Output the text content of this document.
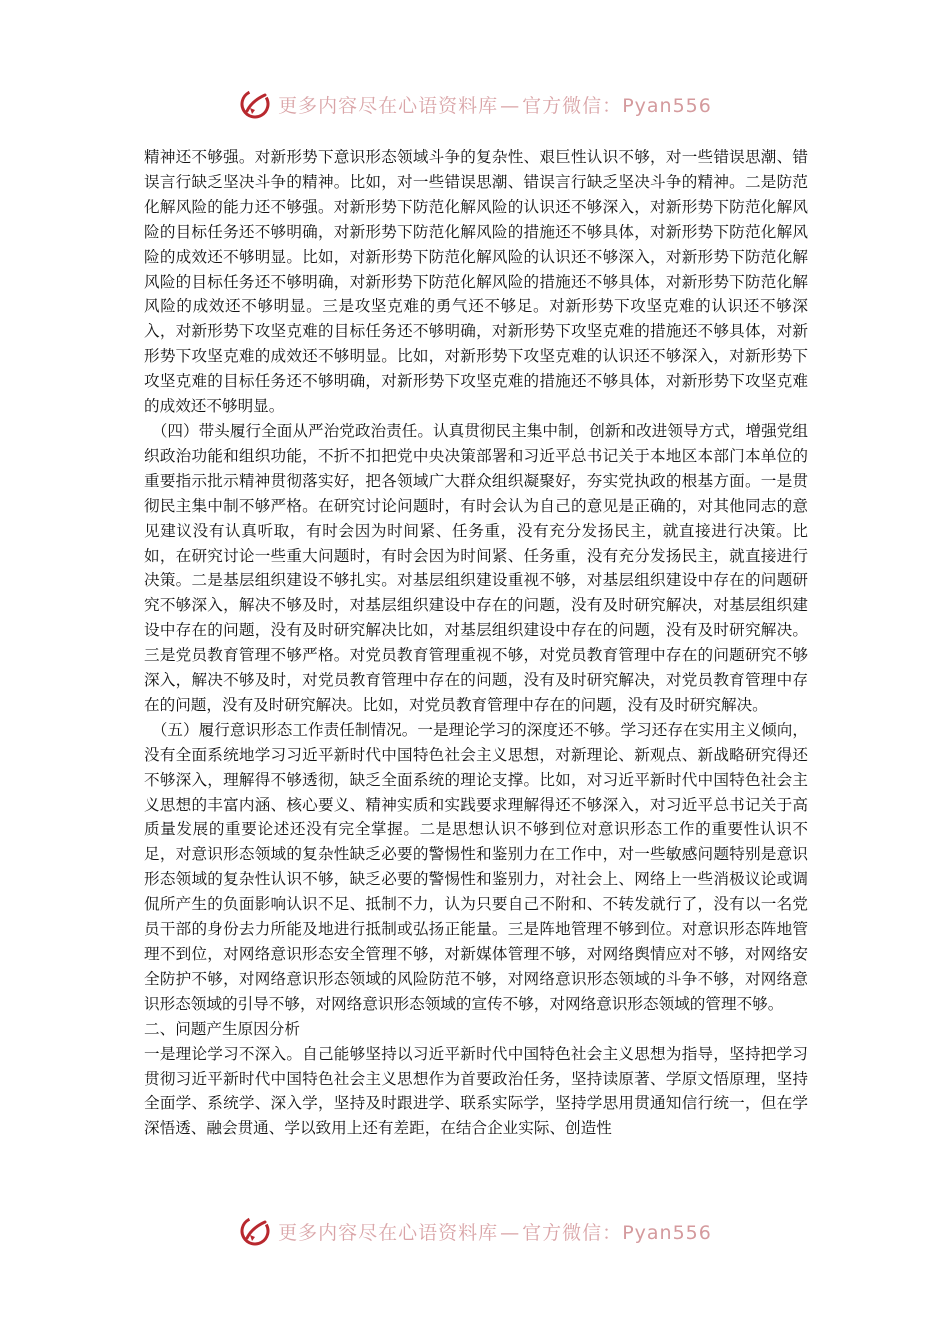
更多内容尽在心语资料库 — 官方微信：Pyan556

精神还不够强。对新形势下意识形态领域斗争的复杂性、艰巨性认识不够，对一些错误思潮、错误言行缺乏坚决斗争的精神。比如，对一些错误思潮、错误言行缺乏坚决斗争的精神。二是防范化解风险的能力还不够强。对新形势下防范化解风险的认识还不够深入，对新形势下防范化解风险的目标任务还不够明确，对新形势下防范化解风险的措施还不够具体，对新形势下防范化解风险的成效还不够明显。比如，对新形势下防范化解风险的认识还不够深入，对新形势下防范化解风险的目标任务还不够明确，对新形势下防范化解风险的措施还不够具体，对新形势下防范化解风险的成效还不够明显。三是攻坚克难的勇气还不够足。对新形势下攻坚克难的认识还不够深入，对新形势下攻坚克难的目标任务还不够明确，对新形势下攻坚克难的措施还不够具体，对新形势下攻坚克难的成效还不够明显。比如，对新形势下攻坚克难的认识还不够深入，对新形势下攻坚克难的目标任务还不够明确，对新形势下攻坚克难的措施还不够具体，对新形势下攻坚克难的成效还不够明显。

（四）带头履行全面从严治党政治责任。认真贯彻民主集中制，创新和改进领导方式，增强党组织政治功能和组织功能，不折不扣把党中央决策部署和习近平总书记关于本地区本部门本单位的重要指示批示精神贯彻落实好，把各领域广大群众组织凝聚好，夯实党执政的根基方面。一是贯彻民主集中制不够严格。在研究讨论问题时，有时会认为自己的意见是正确的，对其他同志的意见建议没有认真听取，有时会因为时间紧、任务重，没有充分发扬民主，就直接进行决策。比如，在研究讨论一些重大问题时，有时会因为时间紧、任务重，没有充分发扬民主，就直接进行决策。二是基层组织建设不够扎实。对基层组织建设重视不够，对基层组织建设中存在的问题研究不够深入，解决不够及时，对基层组织建设中存在的问题，没有及时研究解决，对基层组织建设中存在的问题，没有及时研究解决比如，对基层组织建设中存在的问题，没有及时研究解决。三是党员教育管理不够严格。对党员教育管理重视不够，对党员教育管理中存在的问题研究不够深入，解决不够及时，对党员教育管理中存在的问题，没有及时研究解决，对党员教育管理中存在的问题，没有及时研究解决。比如，对党员教育管理中存在的问题，没有及时研究解决。

（五）履行意识形态工作责任制情况。一是理论学习的深度还不够。学习还存在实用主义倾向，没有全面系统地学习习近平新时代中国特色社会主义思想，对新理论、新观点、新战略研究得还不够深入，理解得不够透彻，缺乏全面系统的理论支撑。比如，对习近平新时代中国特色社会主义思想的丰富内涵、核心要义、精神实质和实践要求理解得还不够深入，对习近平总书记关于高质量发展的重要论述还没有完全掌握。二是思想认识不够到位对意识形态工作的重要性认识不足，对意识形态领域的复杂性缺乏必要的警惕性和鉴别力在工作中，对一些敏感问题特别是意识形态领域的复杂性认识不够，缺乏必要的警惕性和鉴别力，对社会上、网络上一些消极议论或调侃所产生的负面影响认识不足、抵制不力，认为只要自己不附和、不转发就行了，没有以一名党员干部的身份去力所能及地进行抵制或弘扬正能量。三是阵地管理不够到位。对意识形态阵地管理不到位，对网络意识形态安全管理不够，对新媒体管理不够，对网络舆情应对不够，对网络安全防护不够，对网络意识形态领域的风险防范不够，对网络意识形态领域的斗争不够，对网络意识形态领域的引导不够，对网络意识形态领域的宣传不够，对网络意识形态领域的管理不够。

二、问题产生原因分析

一是理论学习不深入。自己能够坚持以习近平新时代中国特色社会主义思想为指导，坚持把学习贯彻习近平新时代中国特色社会主义思想作为首要政治任务，坚持读原著、学原文悟原理，坚持全面学、系统学、深入学，坚持及时跟进学、联系实际学，坚持学思用贯通知信行统一，但在学深悟透、融会贯通、学以致用上还有差距，在结合企业实际、创造性

更多内容尽在心语资料库 — 官方微信：Pyan556
